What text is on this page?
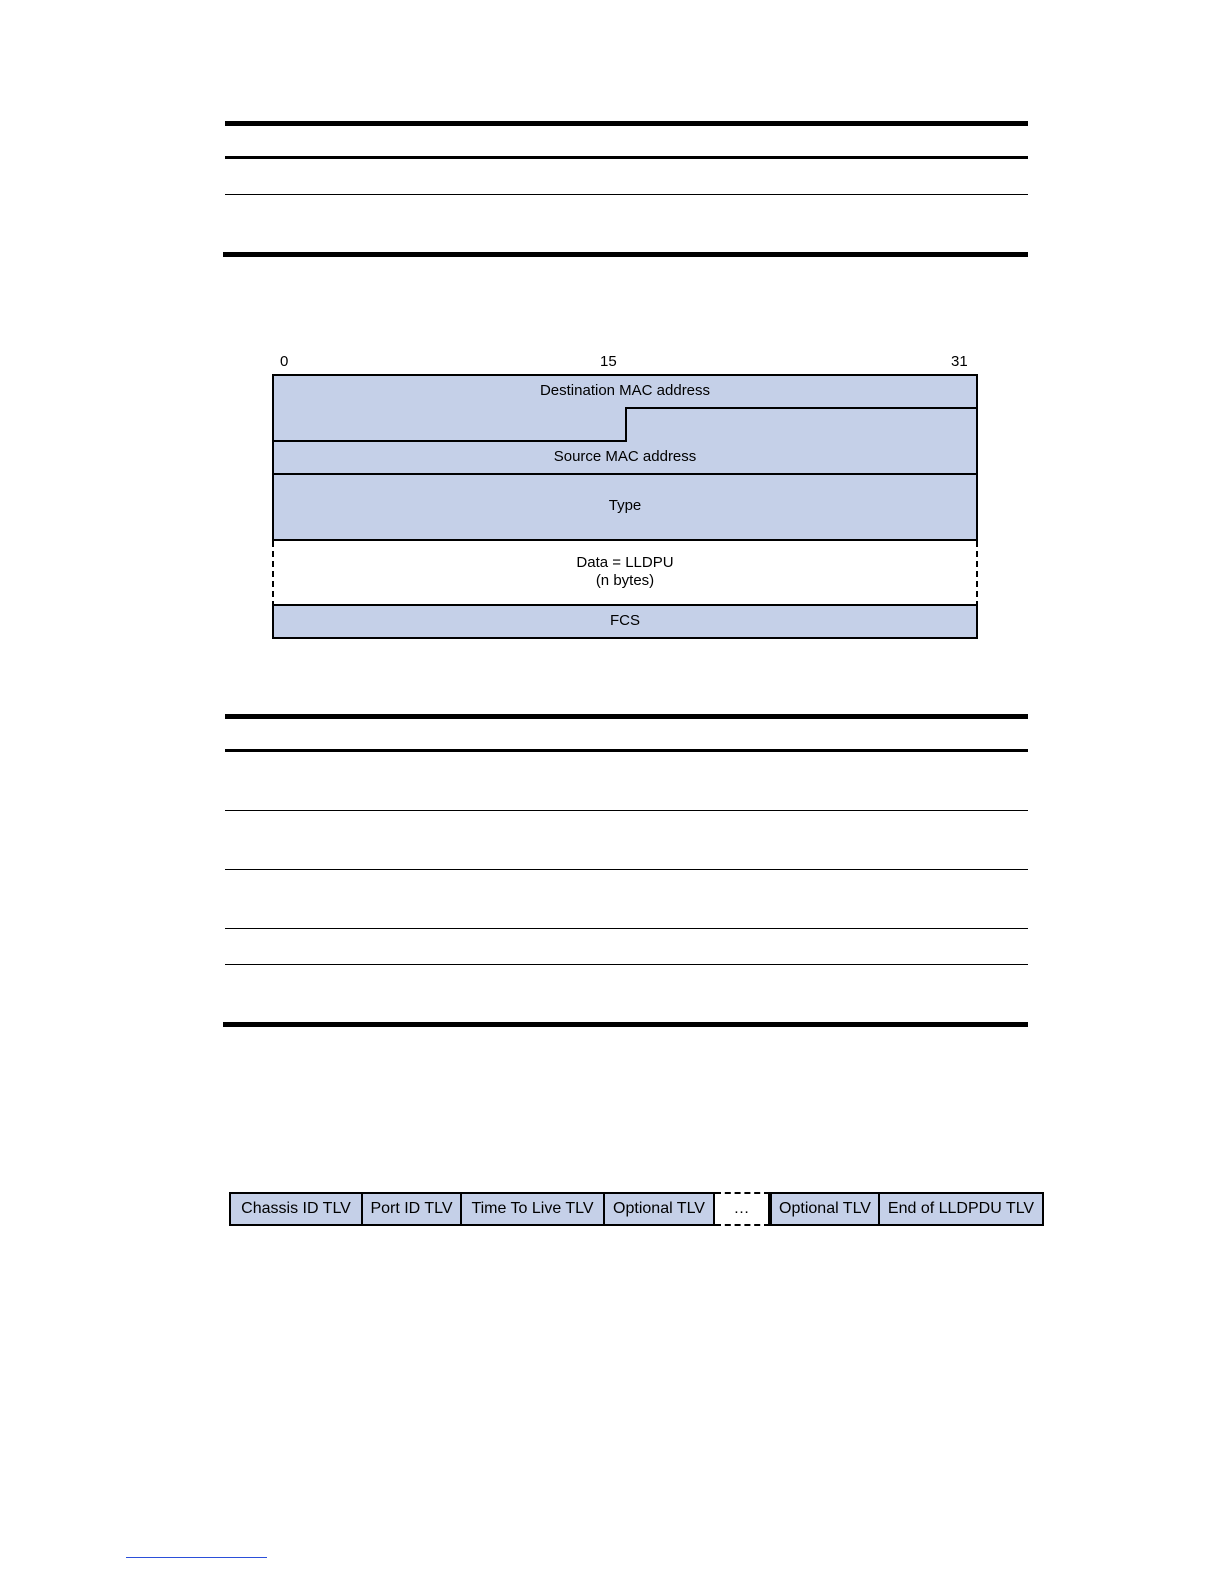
0	15	31
Destination MAC address
Source MAC address
Type
Data = LLDPU
(n bytes)
FCS
Chassis ID TLV	Port ID TLV	Time To Live TLV	Optional TLV	…	Optional TLV	End of LLDPDU TLV
